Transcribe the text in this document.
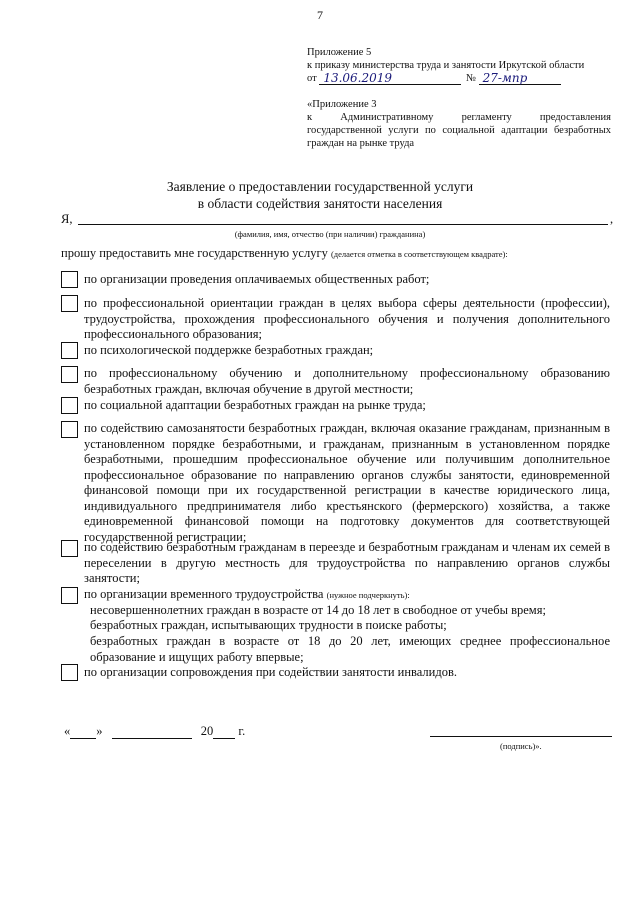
7
Приложение 5
к приказу министерства труда и занятости Иркутской области
от 13.06.2019	№ 27-мпр
«Приложение 3
к Административному регламенту предоставления государственной услуги по социальной адаптации безработных граждан на рынке труда
Заявление о предоставлении государственной услуги
в области содействия занятости населения
Я,	,
(фамилия, имя, отчество (при наличии) гражданина)
прошу предоставить мне государственную услугу (делается отметка в соответствующем квадрате):
по организации проведения оплачиваемых общественных работ;
по профессиональной ориентации граждан в целях выбора сферы деятельности (профессии), трудоустройства, прохождения профессионального обучения и получения дополнительного профессионального образования;
по психологической поддержке безработных граждан;
по профессиональному обучению и дополнительному профессиональному образованию безработных граждан, включая обучение в другой местности;
по социальной адаптации безработных граждан на рынке труда;
по содействию самозанятости безработных граждан, включая оказание гражданам, признанным в установленном порядке безработными, и гражданам, признанным в установленном порядке безработными, прошедшим профессиональное обучение или получившим дополнительное профессиональное образование по направлению органов службы занятости, единовременной финансовой помощи при их государственной регистрации в качестве юридического лица, индивидуального предпринимателя либо крестьянского (фермерского) хозяйства, а также единовременной финансовой помощи на подготовку документов для соответствующей государственной регистрации;
по содействию безработным гражданам в переезде и безработным гражданам и членам их семей в переселении в другую местность для трудоустройства по направлению органов службы занятости;
по организации временного трудоустройства (нужное подчеркнуть):
несовершеннолетних граждан в возрасте от 14 до 18 лет в свободное от учебы время;
безработных граждан, испытывающих трудности в поиске работы;
безработных граждан в возрасте от 18 до 20 лет, имеющих среднее профессиональное образование и ищущих работу впервые;
по организации сопровождения при содействии занятости инвалидов.
« »	20 г.
(подпись)».
